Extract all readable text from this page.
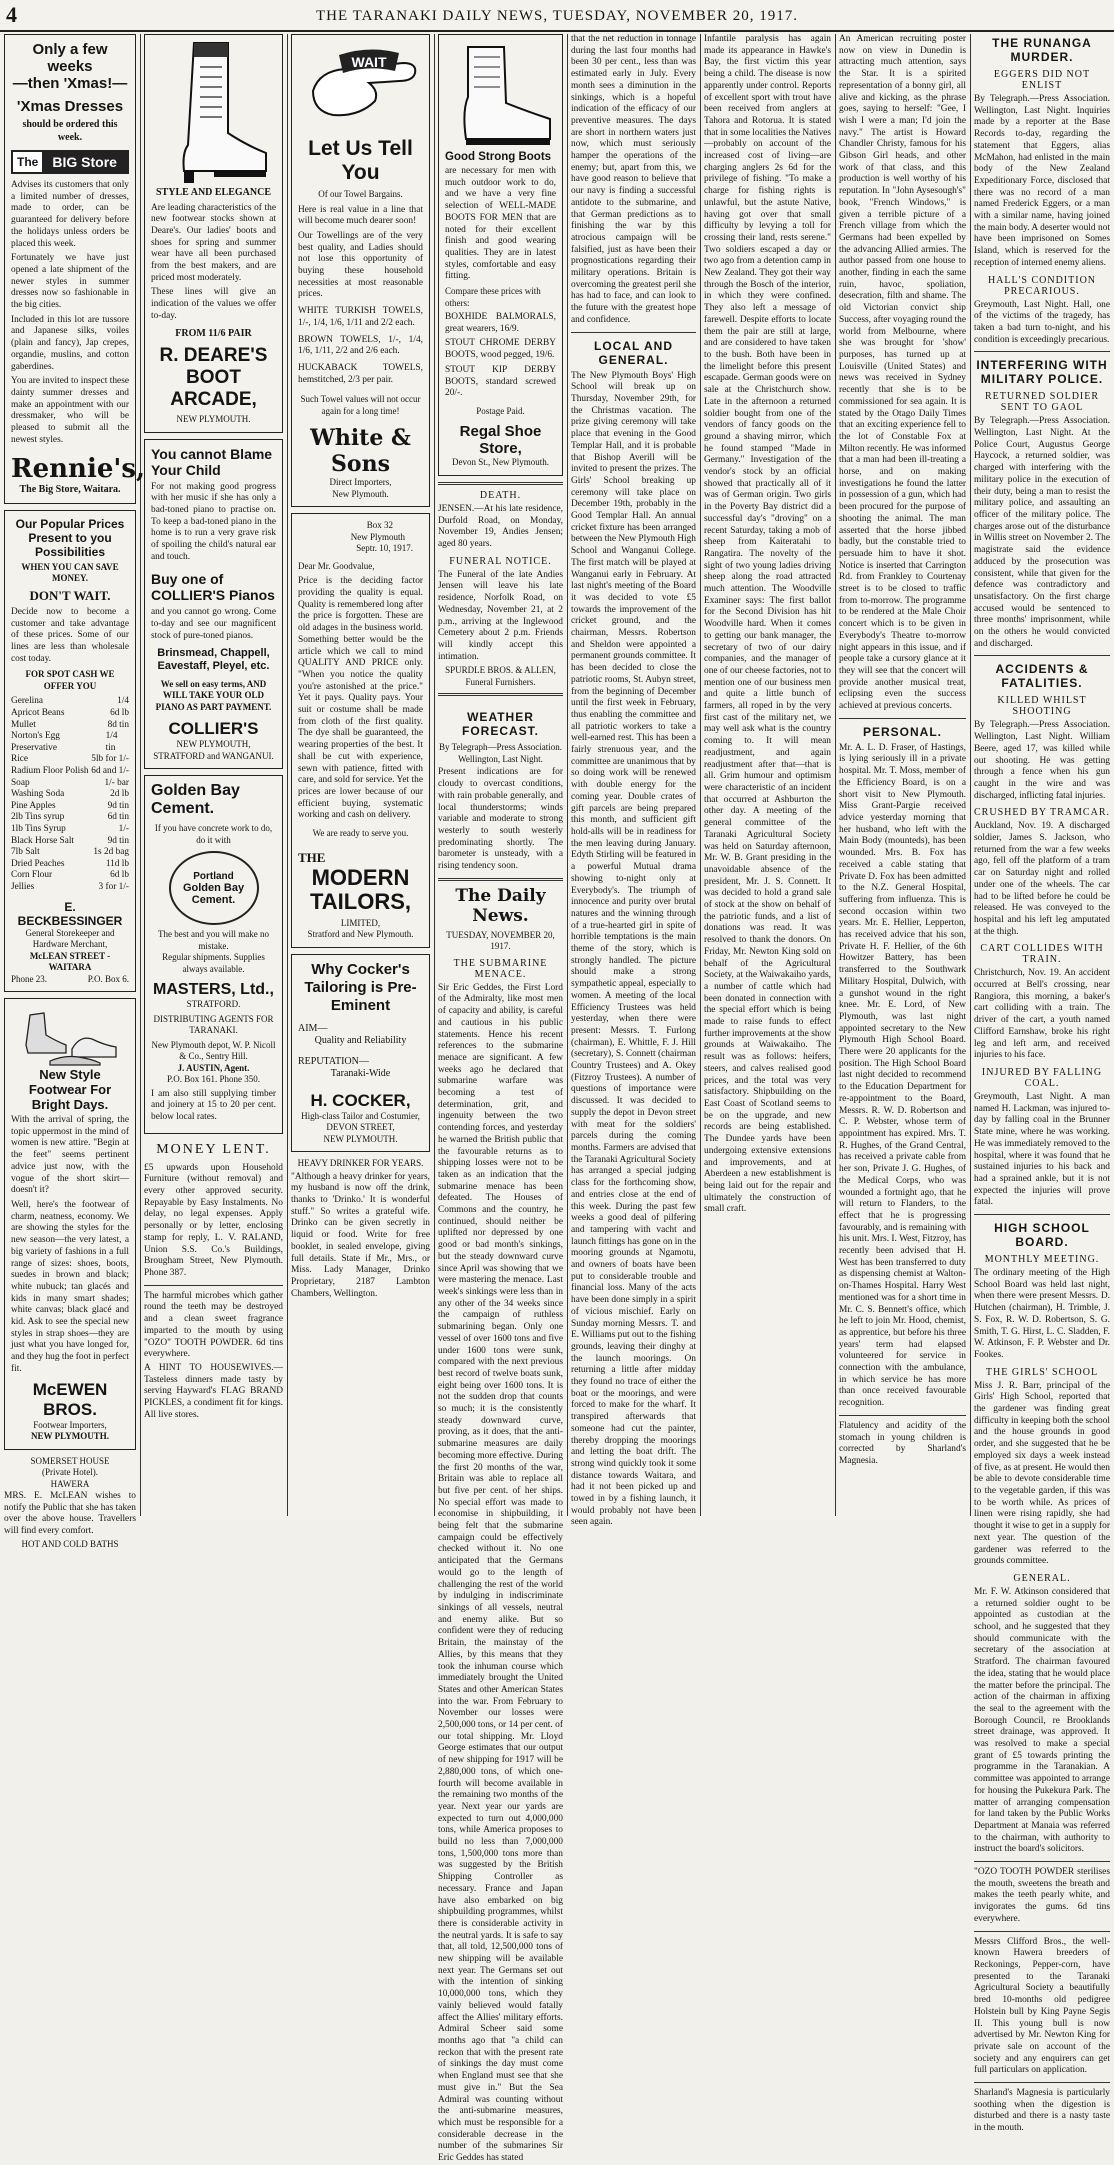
4	THE TARANAKI DAILY NEWS, TUESDAY, NOVEMBER 20, 1917.
Only a few weeks
—then 'Xmas!—
'Xmas Dresses
should be ordered this week.
The	BIG Store

Advises its customers that only a limited number of dresses, made to order, can be guaranteed for delivery before the holidays unless orders be placed this week.

Fortunately we have just opened a late shipment of the newer styles in summer dresses now so fashionable in the big cities.

Included in this lot are tussore and Japanese silks, voiles (plain and fancy), Jap crepes, organdie, muslins, and cotton gaberdines.

You are invited to inspect these dainty summer dresses and make an appointment with our dressmaker, who will be pleased to submit all the newest styles.

Rennie's,
The Big Store, Waitara.
Our Popular Prices Present to you Possibilities
WHEN YOU CAN SAVE MONEY.
DON'T WAIT.

Decide now to become a customer and take advantage of these prices. Some of our lines are less than wholesale cost today.

FOR SPOT CASH WE OFFER YOU
Gerelina	1/4
Apricot Beans	6d lb
Mullet	8d tin
Norton's Egg Preservative
1/4 tin
Rice	5lb for 1/-
Radium Floor Polish 6d and 1/-
Soap	1/- bar
Washing Soda	2d lb
Pine Apples	9d tin
2lb Tins syrup	6d tin
1lb Tins Syrup	1/-
Black Horse Salt	9d tin
7lb Salt	1s 2d bag
Dried Peaches	11d lb
Corn Flour	6d lb
Jellies	3 for 1/-
E. BECKBESSINGER
General Storekeeper and Hardware Merchant,
McLEAN STREET - WAITARA
Phone 23.	P.O. Box 6.
New Style Footwear For Bright Days.

With the arrival of spring, the topic uppermost in the mind of women is new attire. "Begin at the feet" seems pertinent advice just now, with the vogue of the short skirt—doesn't it?

Well, here's the footwear of charm, neatness, economy. We are showing the styles for the new season—the very latest, a big variety of fashions in a full range of sizes: shoes, boots, suedes in brown and black; white nubuck; tan glacés and kids in many smart shades; white canvas; black glacé and kid. Ask to see the special new styles in strap shoes—they are just what you have longed for, and they hug the foot in perfect fit.

McEWEN BROS.
Footwear Importers,
NEW PLYMOUTH.
SOMERSET HOUSE
(Private Hotel).
HAWERA

MRS. E. McLEAN wishes to notify the Public that she has taken over the above house. Travellers will find every comfort.

HOT AND COLD BATHS
STYLE AND ELEGANCE

Are leading characteristics of the new footwear stocks shown at Deare's. Our ladies' boots and shoes for spring and summer wear have all been purchased from the best makers, and are priced most moderately.

These lines will give an indication of the values we offer to-day.

FROM 11/6 PAIR
R. DEARE'S
BOOT ARCADE,
NEW PLYMOUTH.
You cannot Blame Your Child

For not making good progress with her music if she has only a bad-toned piano to practise on. To keep a bad-toned piano in the home is to run a very grave risk of spoiling the child's natural ear and touch.

Buy one of COLLIER'S Pianos

and you cannot go wrong. Come to-day and see our magnificent stock of pure-toned pianos.

Brinsmead, Chappell, Eavestaff, Pleyel, etc.

We sell on easy terms, AND WILL TAKE YOUR OLD PIANO AS PART PAYMENT.

COLLIER'S
NEW PLYMOUTH, STRATFORD and WANGANUI.
Golden Bay Cement.
If you have concrete work to do, do it with
Portland
Golden Bay
Cement.
The best and you will make no mistake.
Regular shipments. Supplies always available.
MASTERS, Ltd.,
STRATFORD.
DISTRIBUTING AGENTS FOR TARANAKI.
New Plymouth depot, W. P. Nicoll & Co., Sentry Hill.
J. AUSTIN, Agent.
P.O. Box 161. Phone 350.

I am also still supplying timber and joinery at 15 to 20 per cent. below local rates.

MONEY LENT.

£5 upwards upon Household Furniture (without removal) and every other approved security. Repayable by Easy Instalments. No delay, no legal expenses. Apply personally or by letter, enclosing stamp for reply, L. V. RALAND, Union S.S. Co.'s Buildings, Brougham Street, New Plymouth. Phone 387.

The harmful microbes which gather round the teeth may be destroyed and a clean sweet fragrance imparted to the mouth by using "OZO" TOOTH POWDER. 6d tins everywhere.

A HINT TO HOUSEWIVES.—Tasteless dinners made tasty by serving Hayward's FLAG BRAND PICKLES, a condiment fit for kings. All live stores.

WAIT
Let Us Tell You
Of our Towel Bargains.

Here is real value in a line that will become much dearer soon!

Our Towellings are of the very best quality, and Ladies should not lose this opportunity of buying these household necessities at most reasonable prices.

WHITE TURKISH TOWELS, 1/-, 1/4, 1/6, 1/11 and 2/2 each.

BROWN TOWELS, 1/-, 1/4, 1/6, 1/11, 2/2 and 2/6 each.

HUCKABACK TOWELS, hemstitched, 2/3 per pair.

Such Towel values will not occur again for a long time!

White & Sons
Direct Importers,
New Plymouth.
Box 32
New Plymouth
Septr. 10, 1917.
Dear Mr. Goodvalue,

Price is the deciding factor providing the quality is equal. Quality is remembered long after the price is forgotten. These are old adages in the business world. Something better would be the article which we call to mind QUALITY AND PRICE only. "When you notice the quality you're astonished at the price." Yet it pays. Quality pays. Your suit or costume shall be made from cloth of the first quality. The dye shall be guaranteed, the wearing properties of the best. It shall be cut with experience, sewn with patience, fitted with care, and sold for service. Yet the prices are lower because of our efficient buying, systematic working and cash on delivery.

We are ready to serve you.
THE
MODERN TAILORS,
LIMITED,
Stratford and New Plymouth.
Why Cocker's Tailoring is Pre-Eminent
AIM—
Quality and Reliability
REPUTATION—
Taranaki-Wide
H. COCKER,
High-class Tailor and Costumier,
DEVON STREET,
NEW PLYMOUTH.
HEAVY DRINKER FOR YEARS.

"Although a heavy drinker for years, my husband is now off the drink, thanks to 'Drinko.' It is wonderful stuff." So writes a grateful wife. Drinko can be given secretly in liquid or food. Write for free booklet, in sealed envelope, giving full details. State if Mr., Mrs., or Miss. Lady Manager, Drinko Proprietary, 2187 Lambton Chambers, Wellington.

Good Strong Boots

are necessary for men with much outdoor work to do, and we have a very fine selection of WELL-MADE BOOTS FOR MEN that are noted for their excellent finish and good wearing qualities. They are in latest styles, comfortable and easy fitting.

Compare these prices with others:

BOXHIDE BALMORALS, great wearers, 16/9.

STOUT CHROME DERBY BOOTS, wood pegged, 19/6.

STOUT KIP DERBY BOOTS, standard screwed 20/-.

Postage Paid.
Regal Shoe Store,
Devon St., New Plymouth.
DEATH.

JENSEN.—At his late residence, Durfold Road, on Monday, November 19, Andies Jensen; aged 80 years.

FUNERAL NOTICE.

The Funeral of the late Andies Jensen will leave his late residence, Norfolk Road, on Wednesday, November 21, at 2 p.m., arriving at the Inglewood Cemetery about 2 p.m. Friends will kindly accept this intimation.

SPURDLE BROS. & ALLEN, Funeral Furnishers.
WEATHER FORECAST.
By Telegraph—Press Association. Wellington, Last Night.

Present indications are for cloudy to overcast conditions, with rain probable generally, and local thunderstorms; winds variable and moderate to strong westerly to south westerly predominating shortly. The barometer is unsteady, with a rising tendency soon.

The Daily News.
TUESDAY, NOVEMBER 20, 1917.
THE SUBMARINE MENACE.

Sir Eric Geddes, the First Lord of the Admiralty, like most men of capacity and ability, is careful and cautious in his public statements. Hence his recent references to the submarine menace are significant. A few weeks ago he declared that submarine warfare was becoming a test of determination, grit, and ingenuity between the two contending forces, and yesterday he warned the British public that the favourable returns as to shipping losses were not to be taken as an indication that the submarine menace has been defeated. The Houses of Commons and the country, he continued, should neither be uplifted nor depressed by one good or bad month's sinkings, but the steady downward curve since April was showing that we were mastering the menace. Last week's sinkings were less than in any other of the 34 weeks since the campaign of ruthless submarining began. Only one vessel of over 1600 tons and five under 1600 tons were sunk, compared with the next previous best record of twelve boats sunk, eight being over 1600 tons. It is not the sudden drop that counts so much; it is the consistently steady downward curve, proving, as it does, that the anti-submarine measures are daily becoming more effective. During the first 20 months of the war, Britain was able to replace all but five per cent. of her ships. No special effort was made to economise in shipbuilding, it being felt that the submarine campaign could be effectively checked without it. No one anticipated that the Germans would go to the length of challenging the rest of the world by indulging in indiscriminate sinkings of all vessels, neutral and enemy alike. But so confident were they of reducing Britain, the mainstay of the Allies, by this means that they took the inhuman course which immediately brought the United States and other American States into the war. From February to November our losses were 2,500,000 tons, or 14 per cent. of our total shipping. Mr. Lloyd George estimates that our output of new shipping for 1917 will be 2,880,000 tons, of which one-fourth will become available in the remaining two months of the year. Next year our yards are expected to turn out 4,000,000 tons, while America proposes to build no less than 7,000,000 tons, 1,500,000 tons more than was suggested by the British Shipping Controller as necessary. France and Japan have also embarked on big shipbuilding programmes, whilst there is considerable activity in the neutral yards. It is safe to say that, all told, 12,500,000 tons of new shipping will be available next year. The Germans set out with the intention of sinking 10,000,000 tons, which they vainly believed would fatally affect the Allies' military efforts. Admiral Scheer said some months ago that "a child can reckon that with the present rate of sinkings the day must come when England must see that she must give in." But the Sea Admiral was counting without the anti-submarine measures, which must be responsible for a considerable decrease in the number of the submarines Sir Eric Geddes has stated

that the net reduction in tonnage during the last four months had been 30 per cent., less than was estimated early in July. Every month sees a diminution in the sinkings, which is a hopeful indication of the efficacy of our preventive measures. The days are short in northern waters just now, which must seriously hamper the operations of the enemy; but, apart from this, we have good reason to believe that our navy is finding a successful antidote to the submarine, and that German predictions as to finishing the war by this atrocious campaign will be falsified, just as have been their prognostications regarding their military operations. Britain is overcoming the greatest peril she has had to face, and can look to the future with the greatest hope and confidence.

LOCAL AND GENERAL.

The New Plymouth Boys' High School will break up on Thursday, November 29th, for the Christmas vacation. The prize giving ceremony will take place that evening in the Good Templar Hall, and it is probable that Bishop Averill will be invited to present the prizes. The Girls' School breaking up ceremony will take place on December 19th, probably in the Good Templar Hall. An annual cricket fixture has been arranged between the New Plymouth High School and Wanganui College. The first match will be played at Wanganui early in February. At last night's meeting of the Board it was decided to vote £5 towards the improvement of the cricket ground, and the chairman, Messrs. Robertson and Sheldon were appointed a permanent grounds committee. It has been decided to close the patriotic rooms, St. Aubyn street, from the beginning of December until the first week in February, thus enabling the committee and all patriotic workers to take a well-earned rest. This has been a fairly strenuous year, and the committee are unanimous that by so doing work will be renewed with double energy for the coming year. Double crates of gift parcels are being prepared this month, and sufficient gift hold-alls will be in readiness for the men leaving during January. Edyth Stirling will be featured in a powerful Mutual drama showing to-night only at Everybody's. The triumph of innocence and purity over brutal natures and the winning through of a true-hearted girl in spite of horrible temptations is the main theme of the story, which is strongly handled. The picture should make a strong sympathetic appeal, especially to women. A meeting of the local Efficiency Trustees was held yesterday, when there were present: Messrs. T. Furlong (chairman), E. Whittle, F. J. Hill (secretary), S. Connett (chairman Country Trustees) and A. Okey (Fitzroy Trustees). A number of questions of importance were discussed. It was decided to supply the depot in Devon street with meat for the soldiers' parcels during the coming months. Farmers are advised that the Taranaki Agricultural Society has arranged a special judging class for the forthcoming show, and entries close at the end of this week. During the past few weeks a good deal of pilfering and tampering with vacht and launch fittings has gone on in the mooring grounds at Ngamotu, and owners of boats have been put to considerable trouble and financial loss. Many of the acts have been done simply in a spirit of vicious mischief. Early on Sunday morning Messrs. T. and E. Williams put out to the fishing grounds, leaving their dinghy at the launch moorings. On returning a little after midday they found no trace of either the boat or the moorings, and were forced to make for the wharf. It transpired afterwards that someone had cut the painter, thereby dropping the moorings and letting the boat drift. The strong wind quickly took it some distance towards Waitara, and had it not been picked up and towed in by a fishing launch, it would probably not have been seen again.

Infantile paralysis has again made its appearance in Hawke's Bay, the first victim this year being a child. The disease is now apparently under control. Reports of excellent sport with trout have been received from anglers at Tahora and Rotorua. It is stated that in some localities the Natives—probably on account of the increased cost of living—are charging anglers 2s 6d for the privilege of fishing. "To make a charge for fishing rights is unlawful, but the astute Native, having got over that small difficulty by levying a toll for crossing their land, rests serene." Two soldiers escaped a day or two ago from a detention camp in New Zealand. They got their way through the Bosch of the interior, in which they were confined. They also left a message of farewell. Despite efforts to locate them the pair are still at large, and are considered to have taken to the bush. Both have been in the limelight before this present escapade. German goods were on sale at the Christchurch show. Late in the afternoon a returned soldier bought from one of the vendors of fancy goods on the ground a shaving mirror, which he found stamped "Made in Germany." Investigation of the vendor's stock by an official showed that practically all of it was of German origin. Two girls in the Poverty Bay district did a successful day's "droving" on a recent Saturday, taking a mob of sheep from Kaiteratahi to Rangatira. The novelty of the sight of two young ladies driving sheep along the road attracted much attention. The Woodville Examiner says: The first ballot for the Second Division has hit Woodville hard. When it comes to getting our bank manager, the secretary of two of our dairy companies, and the manager of one of our cheese factories, not to mention one of our business men and quite a little bunch of farmers, all roped in by the very first cast of the military net, we may well ask what is the country coming to. It will mean readjustment, and again readjustment after that—that is all. Grim humour and optimism were characteristic of an incident that occurred at Ashburton the other day. A meeting of the general committee of the Taranaki Agricultural Society was held on Saturday afternoon, Mr. W. B. Grant presiding in the unavoidable absence of the president, Mr. J. S. Connett. It was decided to hold a grand sale of stock at the show on behalf of the patriotic funds, and a list of donations was read. It was resolved to thank the donors. On Friday, Mr. Newton King sold on behalf of the Agricultural Society, at the Waiwakaiho yards, a number of cattle which had been donated in connection with the special effort which is being made to raise funds to effect further improvements at the show grounds at Waiwakaiho. The result was as follows: heifers, steers, and calves realised good prices, and the total was very satisfactory. Shipbuilding on the East Coast of Scotland seems to be on the upgrade, and new records are being established. The Dundee yards have been undergoing extensive extensions and improvements, and at Aberdeen a new establishment is being laid out for the repair and ultimately the construction of small craft.

An American recruiting poster now on view in Dunedin is attracting much attention, says the Star. It is a spirited representation of a bonny girl, all alive and kicking, as the phrase goes, saying to herself: "Gee, I wish I were a man; I'd join the navy." The artist is Howard Chandler Christy, famous for his Gibson Girl heads, and other work of that class, and this production is well worthy of his reputation. In "John Aysesough's" book, "French Windows," is given a terrible picture of a French village from which the Germans had been expelled by the advancing Allied armies. The author passed from one house to another, finding in each the same ruin, havoc, spoliation, desecration, filth and shame. The old Victorian convict ship Success, after voyaging round the world from Melbourne, where she was brought for 'show' purposes, has turned up at Louisville (United States) and news was received in Sydney recently that she is to be commissioned for sea again. It is stated by the Otago Daily Times that an exciting experience fell to the lot of Constable Fox at Milton recently. He was informed that a man had been ill-treating a horse, and on making investigations he found the latter in possession of a gun, which had been procured for the purpose of shooting the animal. The man asserted that the horse jibbed badly, but the constable tried to persuade him to have it shot. Notice is inserted that Carrington Rd. from Frankley to Courtenay street is to be closed to traffic from to-morrow. The programme to be rendered at the Male Choir concert which is to be given in Everybody's Theatre to-morrow night appears in this issue, and if people take a cursory glance at it they will see that the concert will provide another musical treat, eclipsing even the success achieved at previous concerts.

PERSONAL.

Mr. A. L. D. Fraser, of Hastings, is lying seriously ill in a private hospital. Mr. T. Moss, member of the Efficiency Board, is on a short visit to New Plymouth. Miss Grant-Pargie received advice yesterday morning that her husband, who left with the Main Body (mounteds), has been wounded. Mrs. B. Fox has received a cable stating that Private D. Fox has been admitted to the N.Z. General Hospital, suffering from influenza. This is second occasion within two years. Mr. E. Hellier, Lepperton, has received advice that his son, Private H. F. Hellier, of the 6th Howitzer Battery, has been transferred to the Southwark Military Hospital, Dulwich, with a gunshot wound in the right knee. Mr. E. Lord, of New Plymouth, was last night appointed secretary to the New Plymouth High School Board. There were 20 applicants for the position. The High School Board last night decided to recommend to the Education Department for re-appointment to the Board, Messrs. R. W. D. Robertson and C. P. Webster, whose term of appointment has expired. Mrs. T. R. Hughes, of the Grand Central, has received a private cable from her son, Private J. G. Hughes, of the Medical Corps, who was wounded a fortnight ago, that he will return to Flanders, to the effect that he is progressing favourably, and is remaining with his unit. Mrs. I. West, Fitzroy, has recently been advised that H. West has been transferred to duty as dispensing chemist at Walton-on-Thames Hospital. Harry West mentioned was for a short time in Mr. C. S. Bennett's office, which he left to join Mr. Hood, chemist, as apprentice, but before his three years' term had elapsed volunteered for service in connection with the ambulance, in which service he has more than once received favourable recognition.

Flatulency and acidity of the stomach in young children is corrected by Sharland's Magnesia.

THE RUNANGA MURDER.
EGGERS DID NOT ENLIST

By Telegraph.—Press Association. Wellington, Last Night. Inquiries made by a reporter at the Base Records to-day, regarding the statement that Eggers, alias McMahon, had enlisted in the main body of the New Zealand Expeditionary Force, disclosed that there was no record of a man named Frederick Eggers, or a man with a similar name, having joined the main body. A deserter would not have been imprisoned on Somes Island, which is reserved for the reception of interned enemy aliens.

HALL'S CONDITION PRECARIOUS.

Greymouth, Last Night. Hall, one of the victims of the tragedy, has taken a bad turn to-night, and his condition is exceedingly precarious.

INTERFERING WITH MILITARY POLICE.
RETURNED SOLDIER SENT TO GAOL

By Telegraph.—Press Association. Wellington, Last Night. At the Police Court, Augustus George Haycock, a returned soldier, was charged with interfering with the military police in the execution of their duty, being a man to resist the military police, and assaulting an officer of the military police. The charges arose out of the disturbance in Willis street on November 2. The magistrate said the evidence adduced by the prosecution was consistent, while that given for the defence was contradictory and unsatisfactory. On the first charge accused would be sentenced to three months' imprisonment, while on the others he would convicted and discharged.

ACCIDENTS & FATALITIES.
KILLED WHILST SHOOTING

By Telegraph.—Press Association. Wellington, Last Night. William Beere, aged 17, was killed while out shooting. He was getting through a fence when his gun caught in the wire and was discharged, inflicting fatal injuries.

CRUSHED BY TRAMCAR.

Auckland, Nov. 19. A discharged soldier, James S. Jackson, who returned from the war a few weeks ago, fell off the platform of a tram car on Saturday night and rolled under one of the wheels. The car had to be lifted before he could be released. He was conveyed to the hospital and his left leg amputated at the thigh.

CART COLLIDES WITH TRAIN.

Christchurch, Nov. 19. An accident occurred at Bell's crossing, near Rangiora, this morning, a baker's cart colliding with a train. The driver of the cart, a youth named Clifford Earnshaw, broke his right leg and left arm, and received injuries to his face.

INJURED BY FALLING COAL.

Greymouth, Last Night. A man named H. Lackman, was injured to-day by falling coal in the Brunner State mine, where he was working. He was immediately removed to the hospital, where it was found that he sustained injuries to his back and had a sprained ankle, but it is not expected the injuries will prove fatal.

HIGH SCHOOL BOARD.
MONTHLY MEETING.

The ordinary meeting of the High School Board was held last night, when there were present Messrs. D. Hutchen (chairman), H. Trimble, J. S. Fox, R. W. D. Robertson, S. G. Smith, T. G. Hirst, L. C. Sladden, F. W. Atkinson, F. P. Webster and Dr. Fookes.

THE GIRLS' SCHOOL

Miss J. R. Barr, principal of the Girls' High School, reported that the gardener was finding great difficulty in keeping both the school and the house grounds in good order, and she suggested that he be employed six days a week instead of five, as at present. He would then be able to devote considerable time to the vegetable garden, if this was to be worth while. As prices of linen were rising rapidly, she had thought it wise to get in a supply for next year. The question of the gardener was referred to the grounds committee.

GENERAL.

Mr. F. W. Atkinson considered that a returned soldier ought to be appointed as custodian at the school, and he suggested that they should communicate with the secretary of the association at Stratford. The chairman favoured the idea, stating that he would place the matter before the principal. The action of the chairman in affixing the seal to the agreement with the Borough Council, re Brooklands street drainage, was approved. It was resolved to make a special grant of £5 towards printing the programme in the Taranakian. A committee was appointed to arrange for housing the Pukekura Park. The matter of arranging compensation for land taken by the Public Works Department at Manaia was referred to the chairman, with authority to instruct the board's solicitors.

"OZO TOOTH POWDER sterilises the mouth, sweetens the breath and makes the teeth pearly white, and invigorates the gums. 6d tins everywhere.

Messrs Clifford Bros., the well-known Hawera breeders of Reckonings, Pepper-corn, have presented to the Taranaki Agricultural Society a beautifully bred 10-months old pedigree Holstein bull by King Payne Segis II. This young bull is now advertised by Mr. Newton King for private sale on account of the society and any enquirers can get full particulars on application.

Sharland's Magnesia is particularly soothing when the digestion is disturbed and there is a nasty taste in the mouth.
